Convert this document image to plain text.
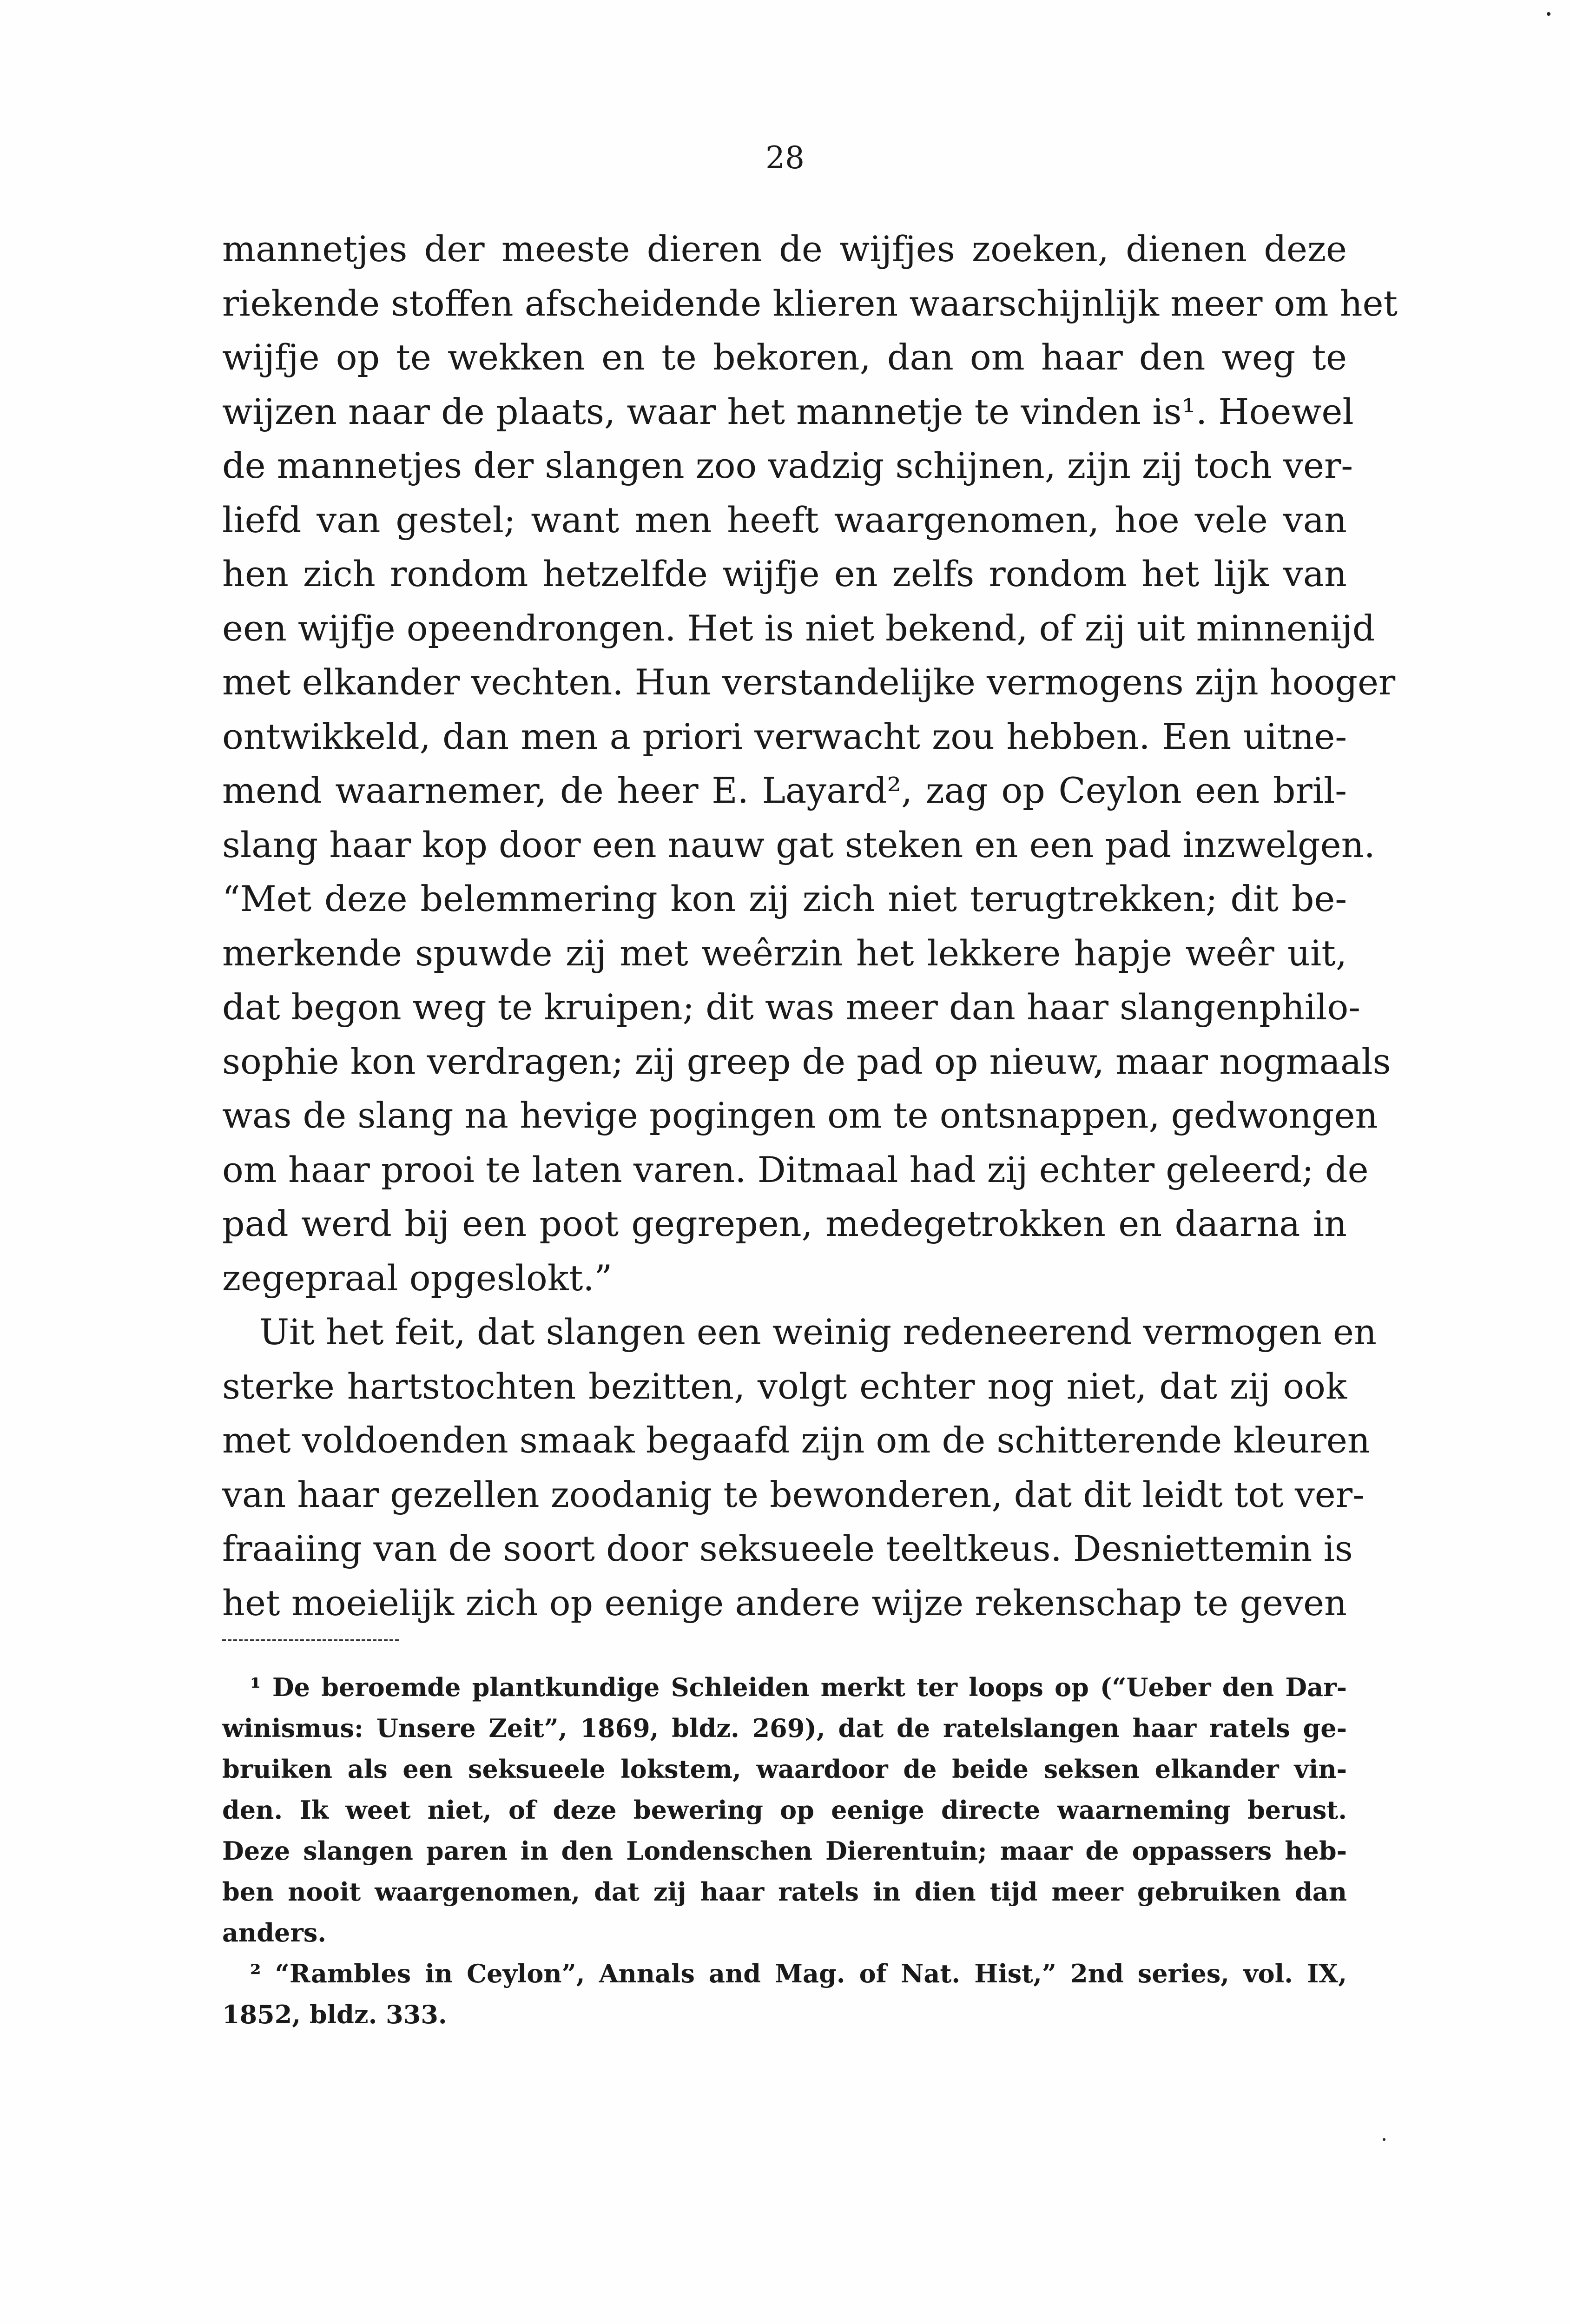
28
mannetjes der meeste dieren de wijfjes zoeken, dienen deze
riekende stoffen afscheidende klieren waarschijnlijk meer om het
wijfje op te wekken en te bekoren, dan om haar den weg te
wijzen naar de plaats, waar het mannetje te vinden is¹. Hoewel
de mannetjes der slangen zoo vadzig schijnen, zijn zij toch ver-
liefd van gestel; want men heeft waargenomen, hoe vele van
hen zich rondom hetzelfde wijfje en zelfs rondom het lijk van
een wijfje opeendrongen. Het is niet bekend, of zij uit minnenijd
met elkander vechten. Hun verstandelijke vermogens zijn hooger
ontwikkeld, dan men a priori verwacht zou hebben. Een uitne-
mend waarnemer, de heer E. Layard², zag op Ceylon een bril-
slang haar kop door een nauw gat steken en een pad inzwelgen.
“Met deze belemmering kon zij zich niet terugtrekken; dit be-
merkende spuwde zij met weêrzin het lekkere hapje weêr uit,
dat begon weg te kruipen; dit was meer dan haar slangenphilo-
sophie kon verdragen; zij greep de pad op nieuw, maar nogmaals
was de slang na hevige pogingen om te ontsnappen, gedwongen
om haar prooi te laten varen. Ditmaal had zij echter geleerd; de
pad werd bij een poot gegrepen, medegetrokken en daarna in
zegepraal opgeslokt.”
Uit het feit, dat slangen een weinig redeneerend vermogen en
sterke hartstochten bezitten, volgt echter nog niet, dat zij ook
met voldoenden smaak begaafd zijn om de schitterende kleuren
van haar gezellen zoodanig te bewonderen, dat dit leidt tot ver-
fraaiing van de soort door seksueele teeltkeus. Desniettemin is
het moeielijk zich op eenige andere wijze rekenschap te geven
¹ De beroemde plantkundige Schleiden merkt ter loops op (“Ueber den Dar-
winismus: Unsere Zeit”, 1869, bldz. 269), dat de ratelslangen haar ratels ge-
bruiken als een seksueele lokstem, waardoor de beide seksen elkander vin-
den. Ik weet niet, of deze bewering op eenige directe waarneming berust.
Deze slangen paren in den Londenschen Dierentuin; maar de oppassers heb-
ben nooit waargenomen, dat zij haar ratels in dien tijd meer gebruiken dan
anders.
² “Rambles in Ceylon”, Annals and Mag. of Nat. Hist,” 2nd series, vol. IX,
1852, bldz. 333.
